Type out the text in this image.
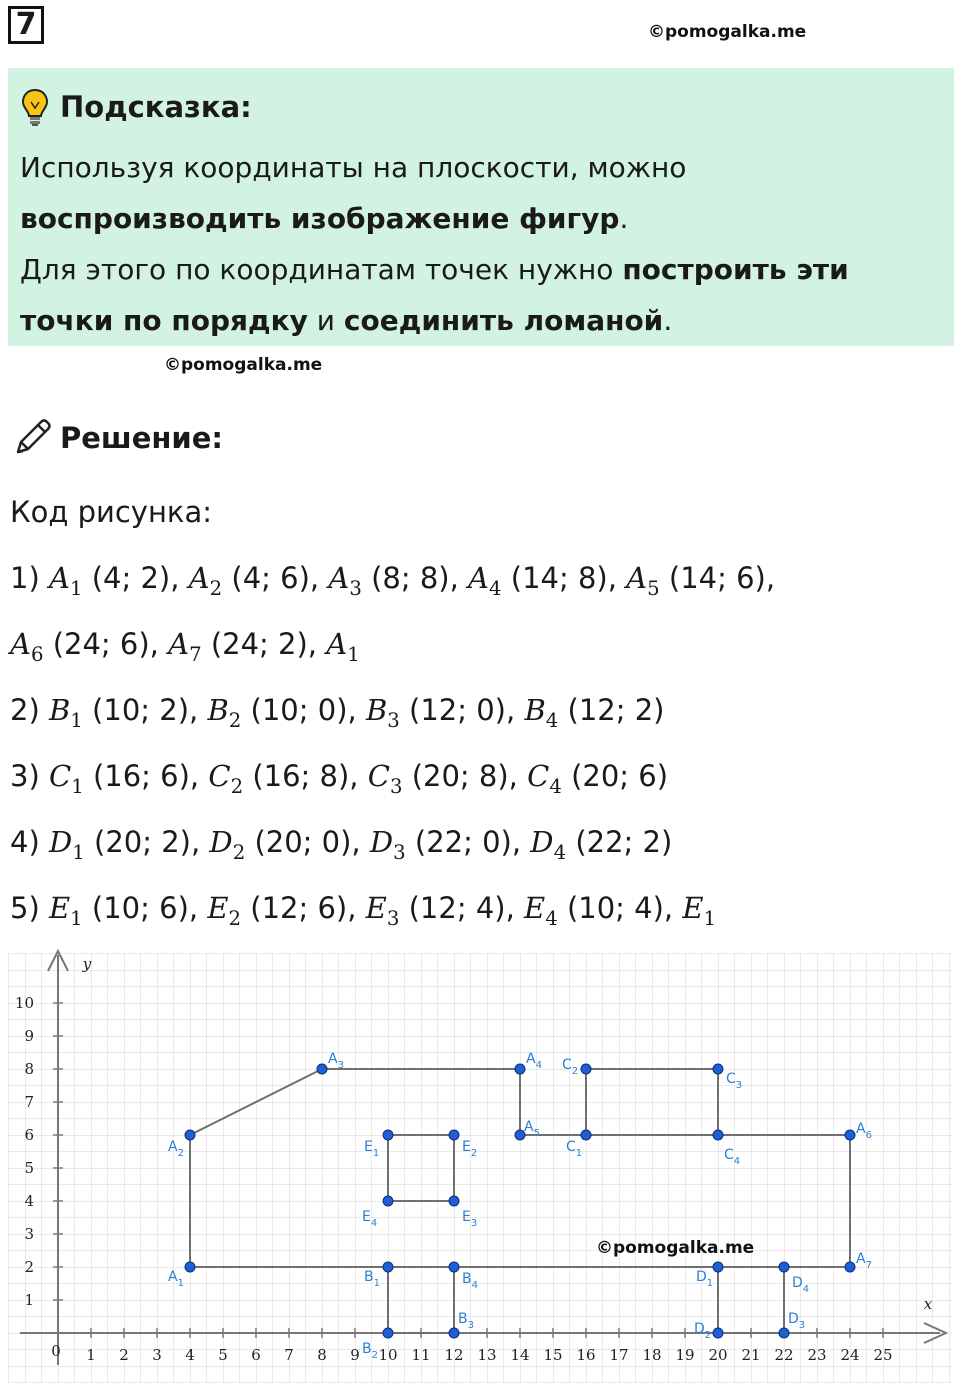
7	©pomogalka.me
Подсказка:
Используя координаты на плоскости, можно
воспроизводить изображение фигур.
Для этого по координатам точек нужно построить эти
точки по порядку и соединить ломаной.
©pomogalka.me
Решение:
Код рисунка:
1) $A_1$ (4; 2), $A_2$ (4; 6), $A_3$ (8; 8), $A_4$ (14; 8), $A_5$ (14; 6),
$A_6$ (24; 6), $A_7$ (24; 2), $A_1$
2) $B_1$ (10; 2), $B_2$ (10; 0), $B_3$ (12; 0), $B_4$ (12; 2)
3) $C_1$ (16; 6), $C_2$ (16; 8), $C_3$ (20; 8), $C_4$ (20; 6)
4) $D_1$ (20; 2), $D_2$ (20; 0), $D_3$ (22; 0), $D_4$ (22; 2)
5) $E_1$ (10; 6), $E_2$ (12; 6), $E_3$ (12; 4), $E_4$ (10; 4), $E_1$
1 2 3 4 5 6 7 8 9 10 11 12 13 14 15 16 17 18 19 20 21 22 23 24 25
1
2
3
4
5
6
7
8
9
10
0
x
y
$A_1$
$A_2$
$A_3$	$A_4$
$A_5$	$A_6$
$A_7$
$B_1$
$B_2$
$B_3$
$B_4$
$C_1$
$C_2$	$C_3$
$C_4$
$D_1$
$D_2$
$D_3$
$D_4$
$E_1$	$E_2$
$E_3$
$E_4$
©pomogalka.me
